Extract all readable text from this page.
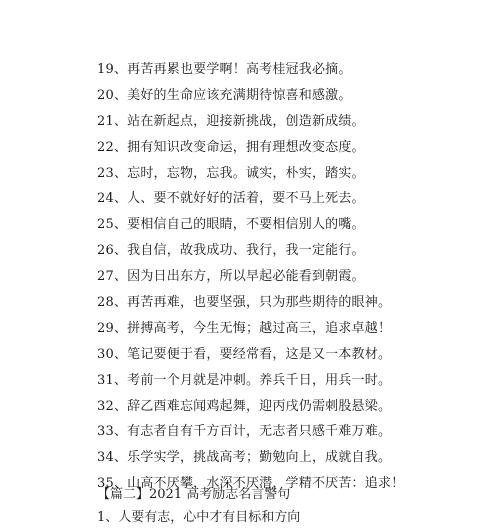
19、再苦再累也要学啊！高考桂冠我必摘。
20、美好的生命应该充满期待惊喜和感激。
21、站在新起点，迎接新挑战，创造新成绩。
22、拥有知识改变命运，拥有理想改变态度。
23、忘时，忘物，忘我。诚实，朴实，踏实。
24、人、要不就好好的活着，要不马上死去。
25、要相信自己的眼睛，不要相信别人的嘴。
26、我自信，故我成功、我行，我一定能行。
27、因为日出东方，所以早起必能看到朝霞。
28、再苦再难，也要坚强，只为那些期待的眼神。
29、拼搏高考，今生无悔；越过高三，追求卓越！
30、笔记要便于看，要经常看，这是又一本教材。
31、考前一个月就是冲刺。养兵千日，用兵一时。
32、辞乙酉难忘闻鸡起舞，迎丙戌仍需刺股悬梁。
33、有志者自有千方百计，无志者只感千难万难。
34、乐学实学，挑战高考；勤勉向上，成就自我。
35、山高不厌攀，水深不厌潜，学精不厌苦：追求！
【篇二】2021 高考励志名言警句
1、人要有志，心中才有目标和方向
